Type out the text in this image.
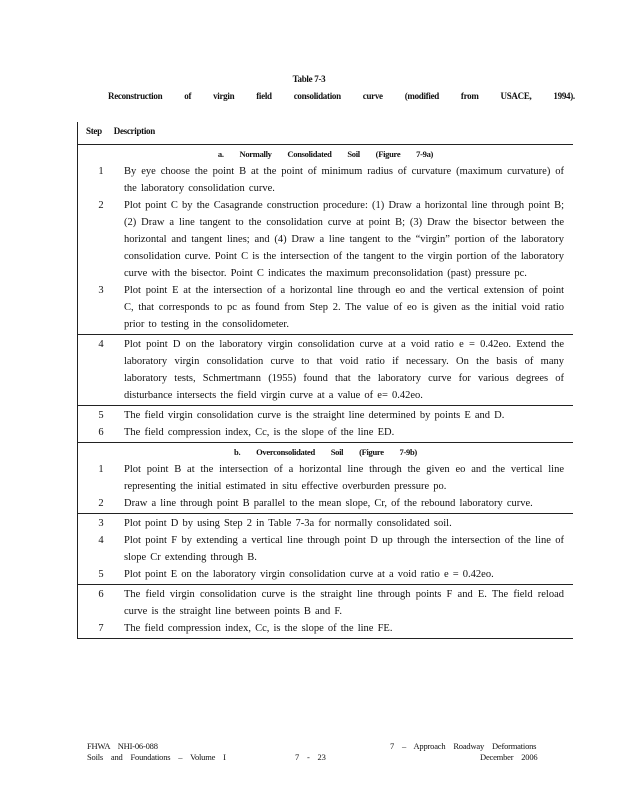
Table 7-3
Reconstruction of virgin field consolidation curve (modified from USACE, 1994).
Step Description
a. Normally Consolidated Soil (Figure 7-9a)
1	By eye choose the point B at the point of minimum radius of curvature (maximum curvature) of the laboratory consolidation curve.
2	Plot point C by the Casagrande construction procedure: (1) Draw a horizontal line through point B; (2) Draw a line tangent to the consolidation curve at point B; (3) Draw the bisector between the horizontal and tangent lines; and (4) Draw a line tangent to the “virgin” portion of the laboratory consolidation curve. Point C is the intersection of the tangent to the virgin portion of the laboratory curve with the bisector. Point C indicates the maximum preconsolidation (past) pressure pc.
3	Plot point E at the intersection of a horizontal line through eo and the vertical extension of point C, that corresponds to pc as found from Step 2. The value of eo is given as the initial void ratio prior to testing in the consolidometer.
4	Plot point D on the laboratory virgin consolidation curve at a void ratio e = 0.42eo. Extend the laboratory virgin consolidation curve to that void ratio if necessary. On the basis of many laboratory tests, Schmertmann (1955) found that the laboratory curve for various degrees of disturbance intersects the field virgin curve at a value of e= 0.42eo.
5	The field virgin consolidation curve is the straight line determined by points E and D.
6	The field compression index, Cc, is the slope of the line ED.
b. Overconsolidated Soil (Figure 7-9b)
1	Plot point B at the intersection of a horizontal line through the given eo and the vertical line representing the initial estimated in situ effective overburden pressure po.
2	Draw a line through point B parallel to the mean slope, Cr, of the rebound laboratory curve.
3	Plot point D by using Step 2 in Table 7-3a for normally consolidated soil.
4	Plot point F by extending a vertical line through point D up through the intersection of the line of slope Cr extending through B.
5	Plot point E on the laboratory virgin consolidation curve at a void ratio e = 0.42eo.
6	The field virgin consolidation curve is the straight line through points F and E. The field reload curve is the straight line between points B and F.
7	The field compression index, Cc, is the slope of the line FE.
FHWA NHI-06-088
Soils and Foundations – Volume I	7 - 23
7 – Approach Roadway Deformations
December 2006
